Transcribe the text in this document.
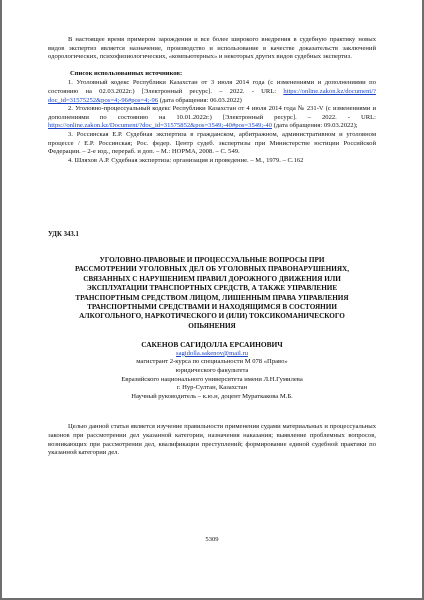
В настоящее время примером зарождения и все более широкого внедрения в судебную практику новых видов экспертиз является назначение, производство и использование в качестве доказательств заключений одорологических, психофизиологических, «компьютерных» и некоторых других видов судебных экспертиз.

Список использованных источников:

1. Уголовный кодекс Республики Казахстан от 3 июля 2014 года (с изменениями и дополнениями по состоянию на 02.03.2022г.) [Электронный ресурс]. – 2022. - URL: https://online.zakon.kz/document/?doc_id=31575252&pos=4;-96#pos=4;-96 (дата обращения: 06.03.2022)

2. Уголовно-процессуальный кодекс Республики Казахстан от 4 июля 2014 года № 231-V (с изменениями и дополнениями по состоянию на 10.01.2022г.) [Электронный ресурс]. – 2022. - URL: https://online.zakon.kz/Document/?doc_id=31575852&pos=3549;-40#pos=3549;-40 (дата обращения: 09.03.2022);

3. Россинская Е.Р. Судебная экспертиза в гражданском, арбитражном, административном и уголовном процессе / Е.Р. Россинская; Рос. федер. Центр судеб. экспертизы при Министерстве юстиции Российской Федерации. – 2-е изд., перераб. и доп. – М.: НОРМА, 2008. – С. 549.

4. Шляхов А.Р. Судебная экспертиза: организация и проведение. – М., 1979. – С.162

УДК 343.1

УГОЛОВНО-ПРАВОВЫЕ И ПРОЦЕССУАЛЬНЫЕ ВОПРОСЫ ПРИ
РАССМОТРЕНИИ УГОЛОВНЫХ ДЕЛ ОБ УГОЛОВНЫХ ПРАВОНАРУШЕНИЯХ,
СВЯЗАННЫХ С НАРУШЕНИЕМ ПРАВИЛ ДОРОЖНОГО ДВИЖЕНИЯ ИЛИ
ЭКСПЛУАТАЦИИ ТРАНСПОРТНЫХ СРЕДСТВ, А ТАКЖЕ УПРАВЛЕНИЕ
ТРАНСПОРТНЫМ СРЕДСТВОМ ЛИЦОМ, ЛИШЕННЫМ ПРАВА УПРАВЛЕНИЯ
ТРАНСПОРТНЫМИ СРЕДСТВАМИ И НАХОДЯЩИМСЯ В СОСТОЯНИИ
АЛКОГОЛЬНОГО, НАРКОТИЧЕСКОГО И (ИЛИ) ТОКСИКОМАНИЧЕСКОГО
ОПЬЯНЕНИЯ
САКЕНОВ САГИДОЛЛА ЕРСАИНОВИЧ
sagidolla.sakenov@mail.ru
магистрант 2-курса по специальности М 078 «Право»
юридического факультета
Евразийского национального университета имени Л.Н.Гумилева
г. Нур-Султан, Казахстан
Научный руководитель – к.ю.н, доцент Мураткакова М.Б.

Целью данной статьи является изучение правильности применения судами материальных и процессуальных законов при рассмотрении дел указанной категории, назначения наказания; выявление проблемных вопросов, возникающих при рассмотрении дел, квалификации преступлений; формирование единой судебной практики по указанной категории дел.

5309
